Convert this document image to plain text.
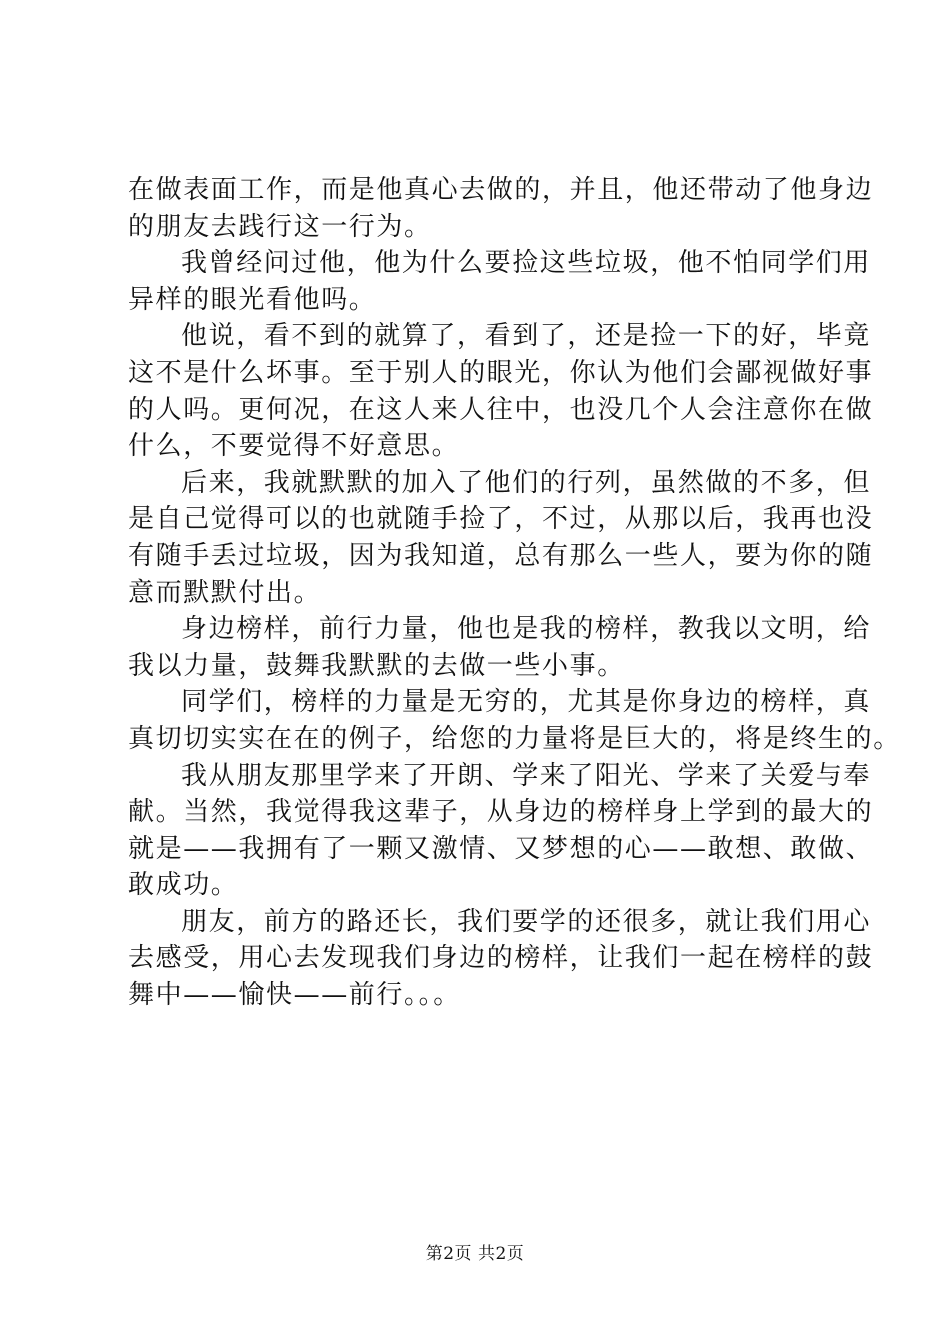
在做表面工作，而是他真心去做的，并且，他还带动了他身边
的朋友去践行这一行为。
我曾经问过他，他为什么要捡这些垃圾，他不怕同学们用
异样的眼光看他吗。
他说，看不到的就算了，看到了，还是捡一下的好，毕竟
这不是什么坏事。至于别人的眼光，你认为他们会鄙视做好事
的人吗。更何况，在这人来人往中，也没几个人会注意你在做
什么，不要觉得不好意思。
后来，我就默默的加入了他们的行列，虽然做的不多，但
是自己觉得可以的也就随手捡了，不过，从那以后，我再也没
有随手丢过垃圾，因为我知道，总有那么一些人，要为你的随
意而默默付出。
身边榜样，前行力量，他也是我的榜样，教我以文明，给
我以力量，鼓舞我默默的去做一些小事。
同学们，榜样的力量是无穷的，尤其是你身边的榜样，真
真切切实实在在的例子，给您的力量将是巨大的，将是终生的。
我从朋友那里学来了开朗、学来了阳光、学来了关爱与奉
献。当然，我觉得我这辈子，从身边的榜样身上学到的最大的
就是——我拥有了一颗又激情、又梦想的心——敢想、敢做、
敢成功。
朋友，前方的路还长，我们要学的还很多，就让我们用心
去感受，用心去发现我们身边的榜样，让我们一起在榜样的鼓
舞中——愉快——前行。。。
第2页 共2页
